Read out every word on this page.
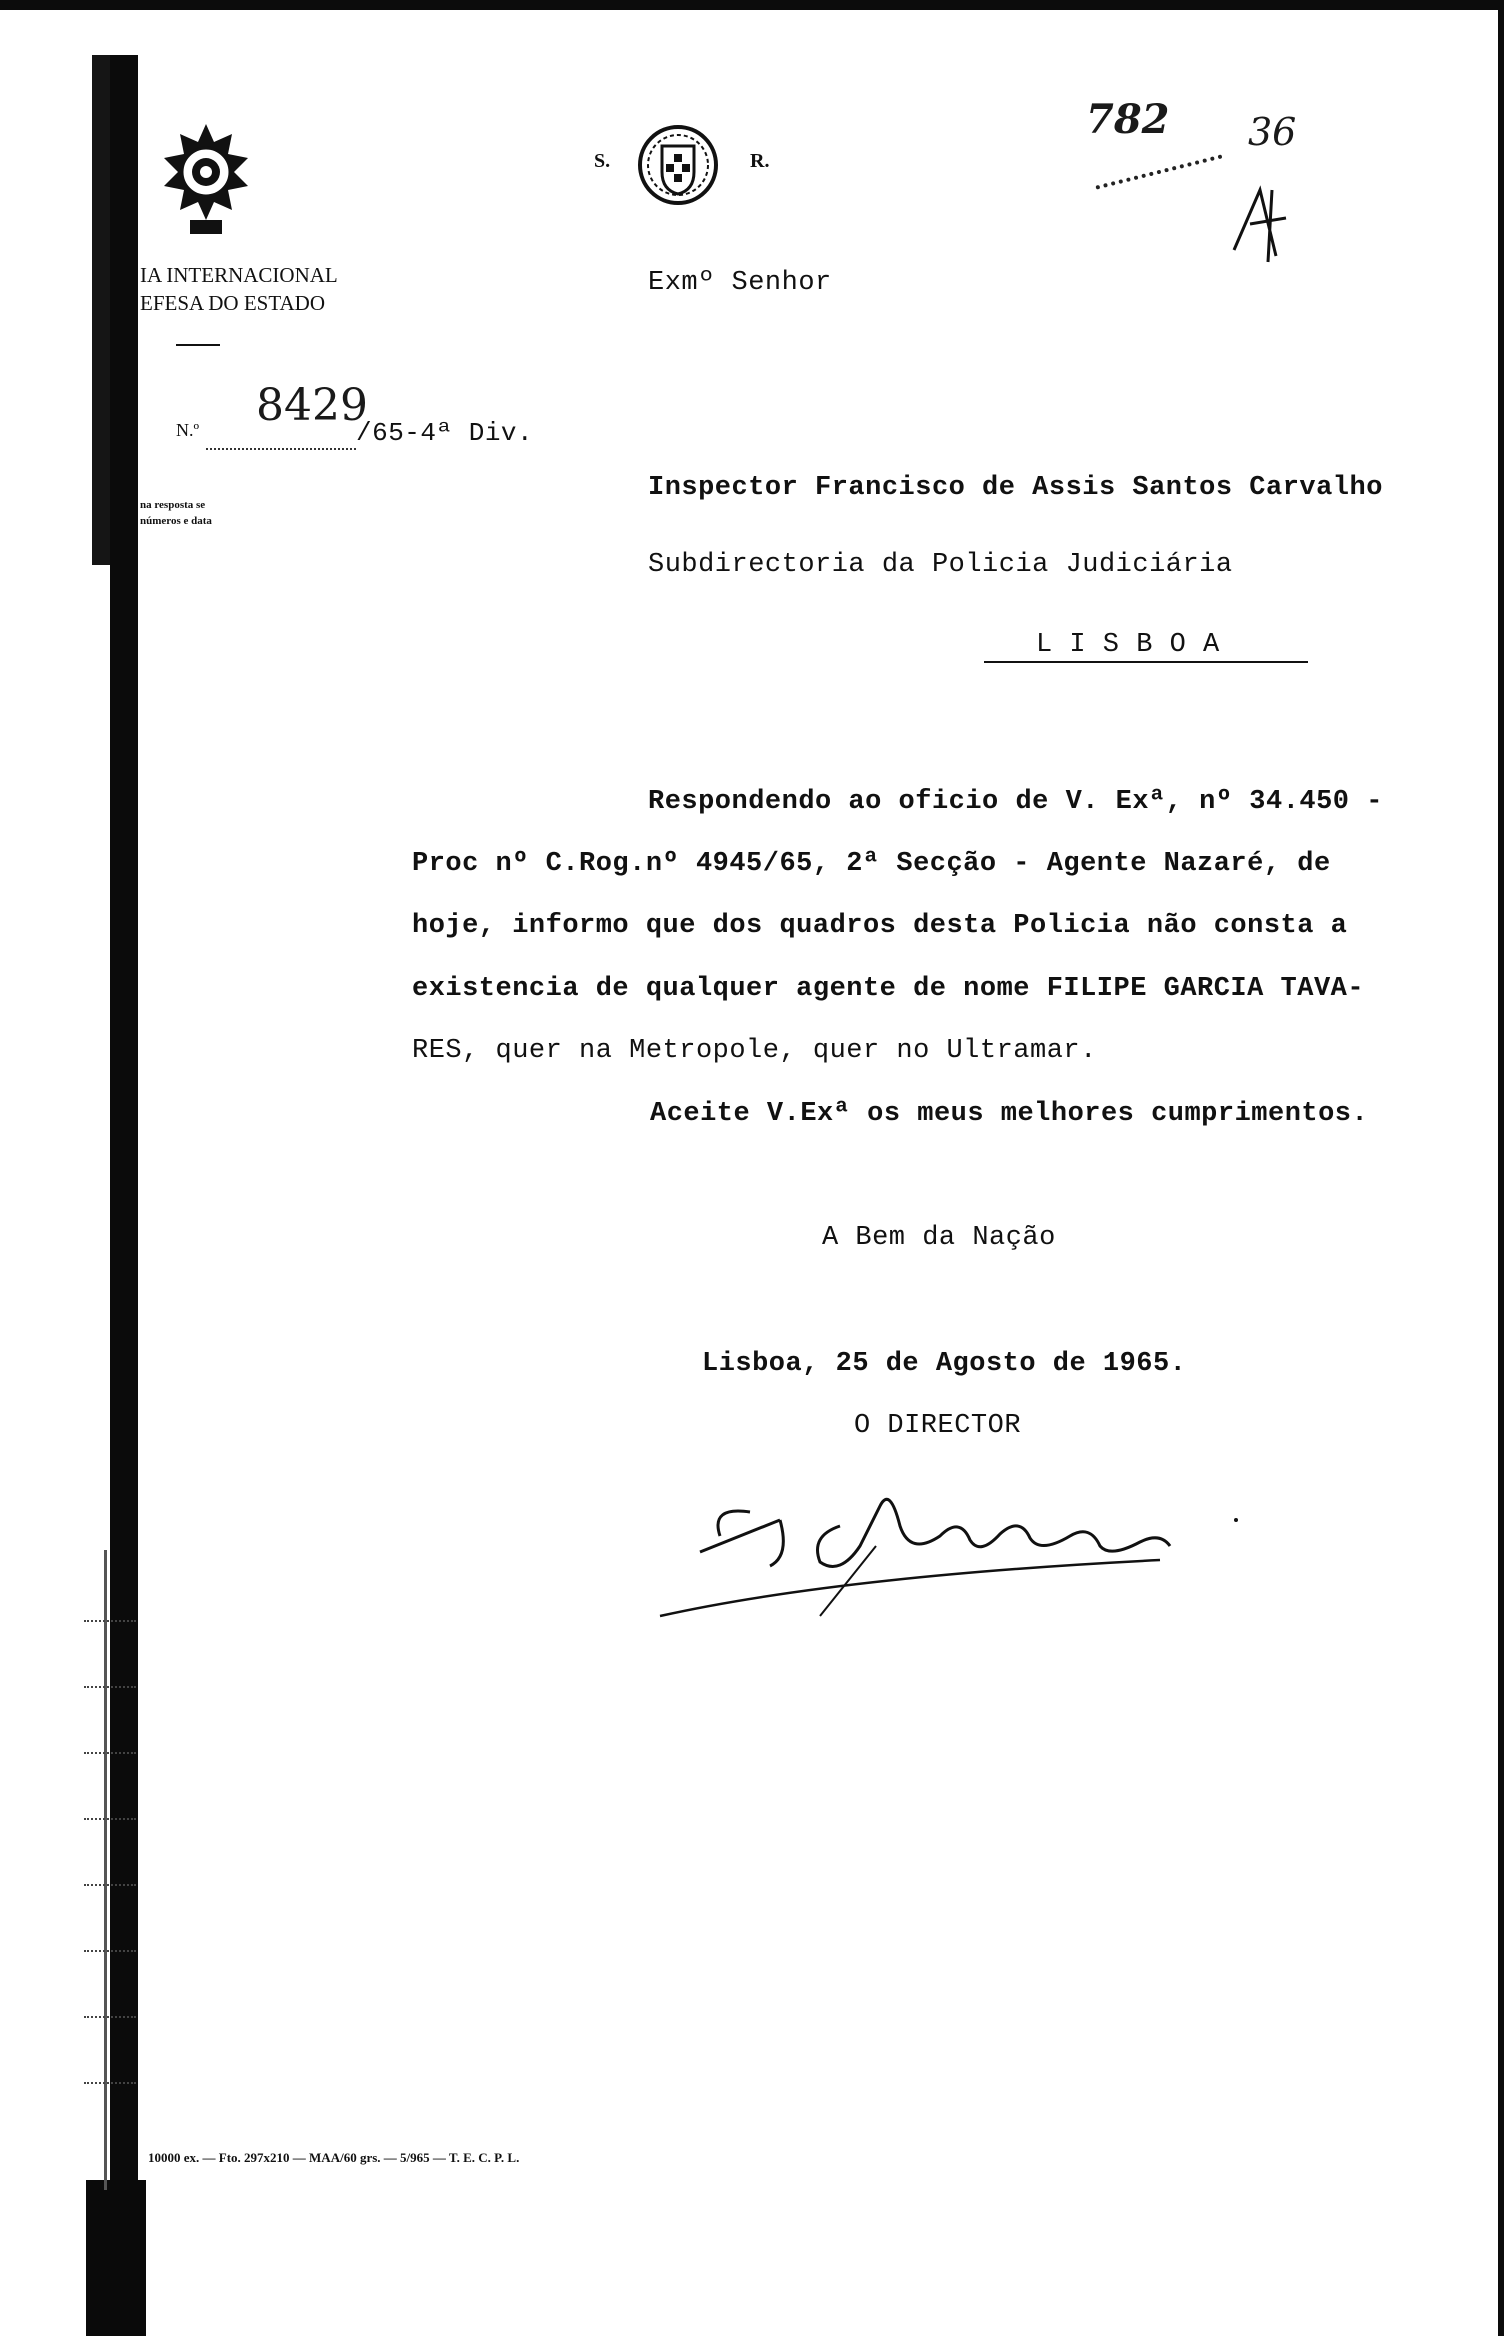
IA INTERNACIONAL
EFESA DO ESTADO
N.º 8429
/65-4ª Div.
na resposta se
números e data
S.	R.
782 36
Exmº Senhor
Inspector Francisco de Assis Santos Carvalho
Subdirectoria da Policia Judiciária
L I S B O A
Respondendo ao oficio de V. Exª, nº 34.450 -
Proc nº C.Rog.nº 4945/65, 2ª Secção - Agente Nazaré, de
hoje, informo que dos quadros desta Policia não consta a
existencia de qualquer agente de nome FILIPE GARCIA TAVA-
RES, quer na Metropole, quer no Ultramar.
Aceite V.Exª os meus melhores cumprimentos.
A Bem da Nação
Lisboa, 25 de Agosto de 1965.
O DIRECTOR
10000 ex. — Fto. 297x210 — MAA/60 grs. — 5/965 — T. E. C. P. L.
